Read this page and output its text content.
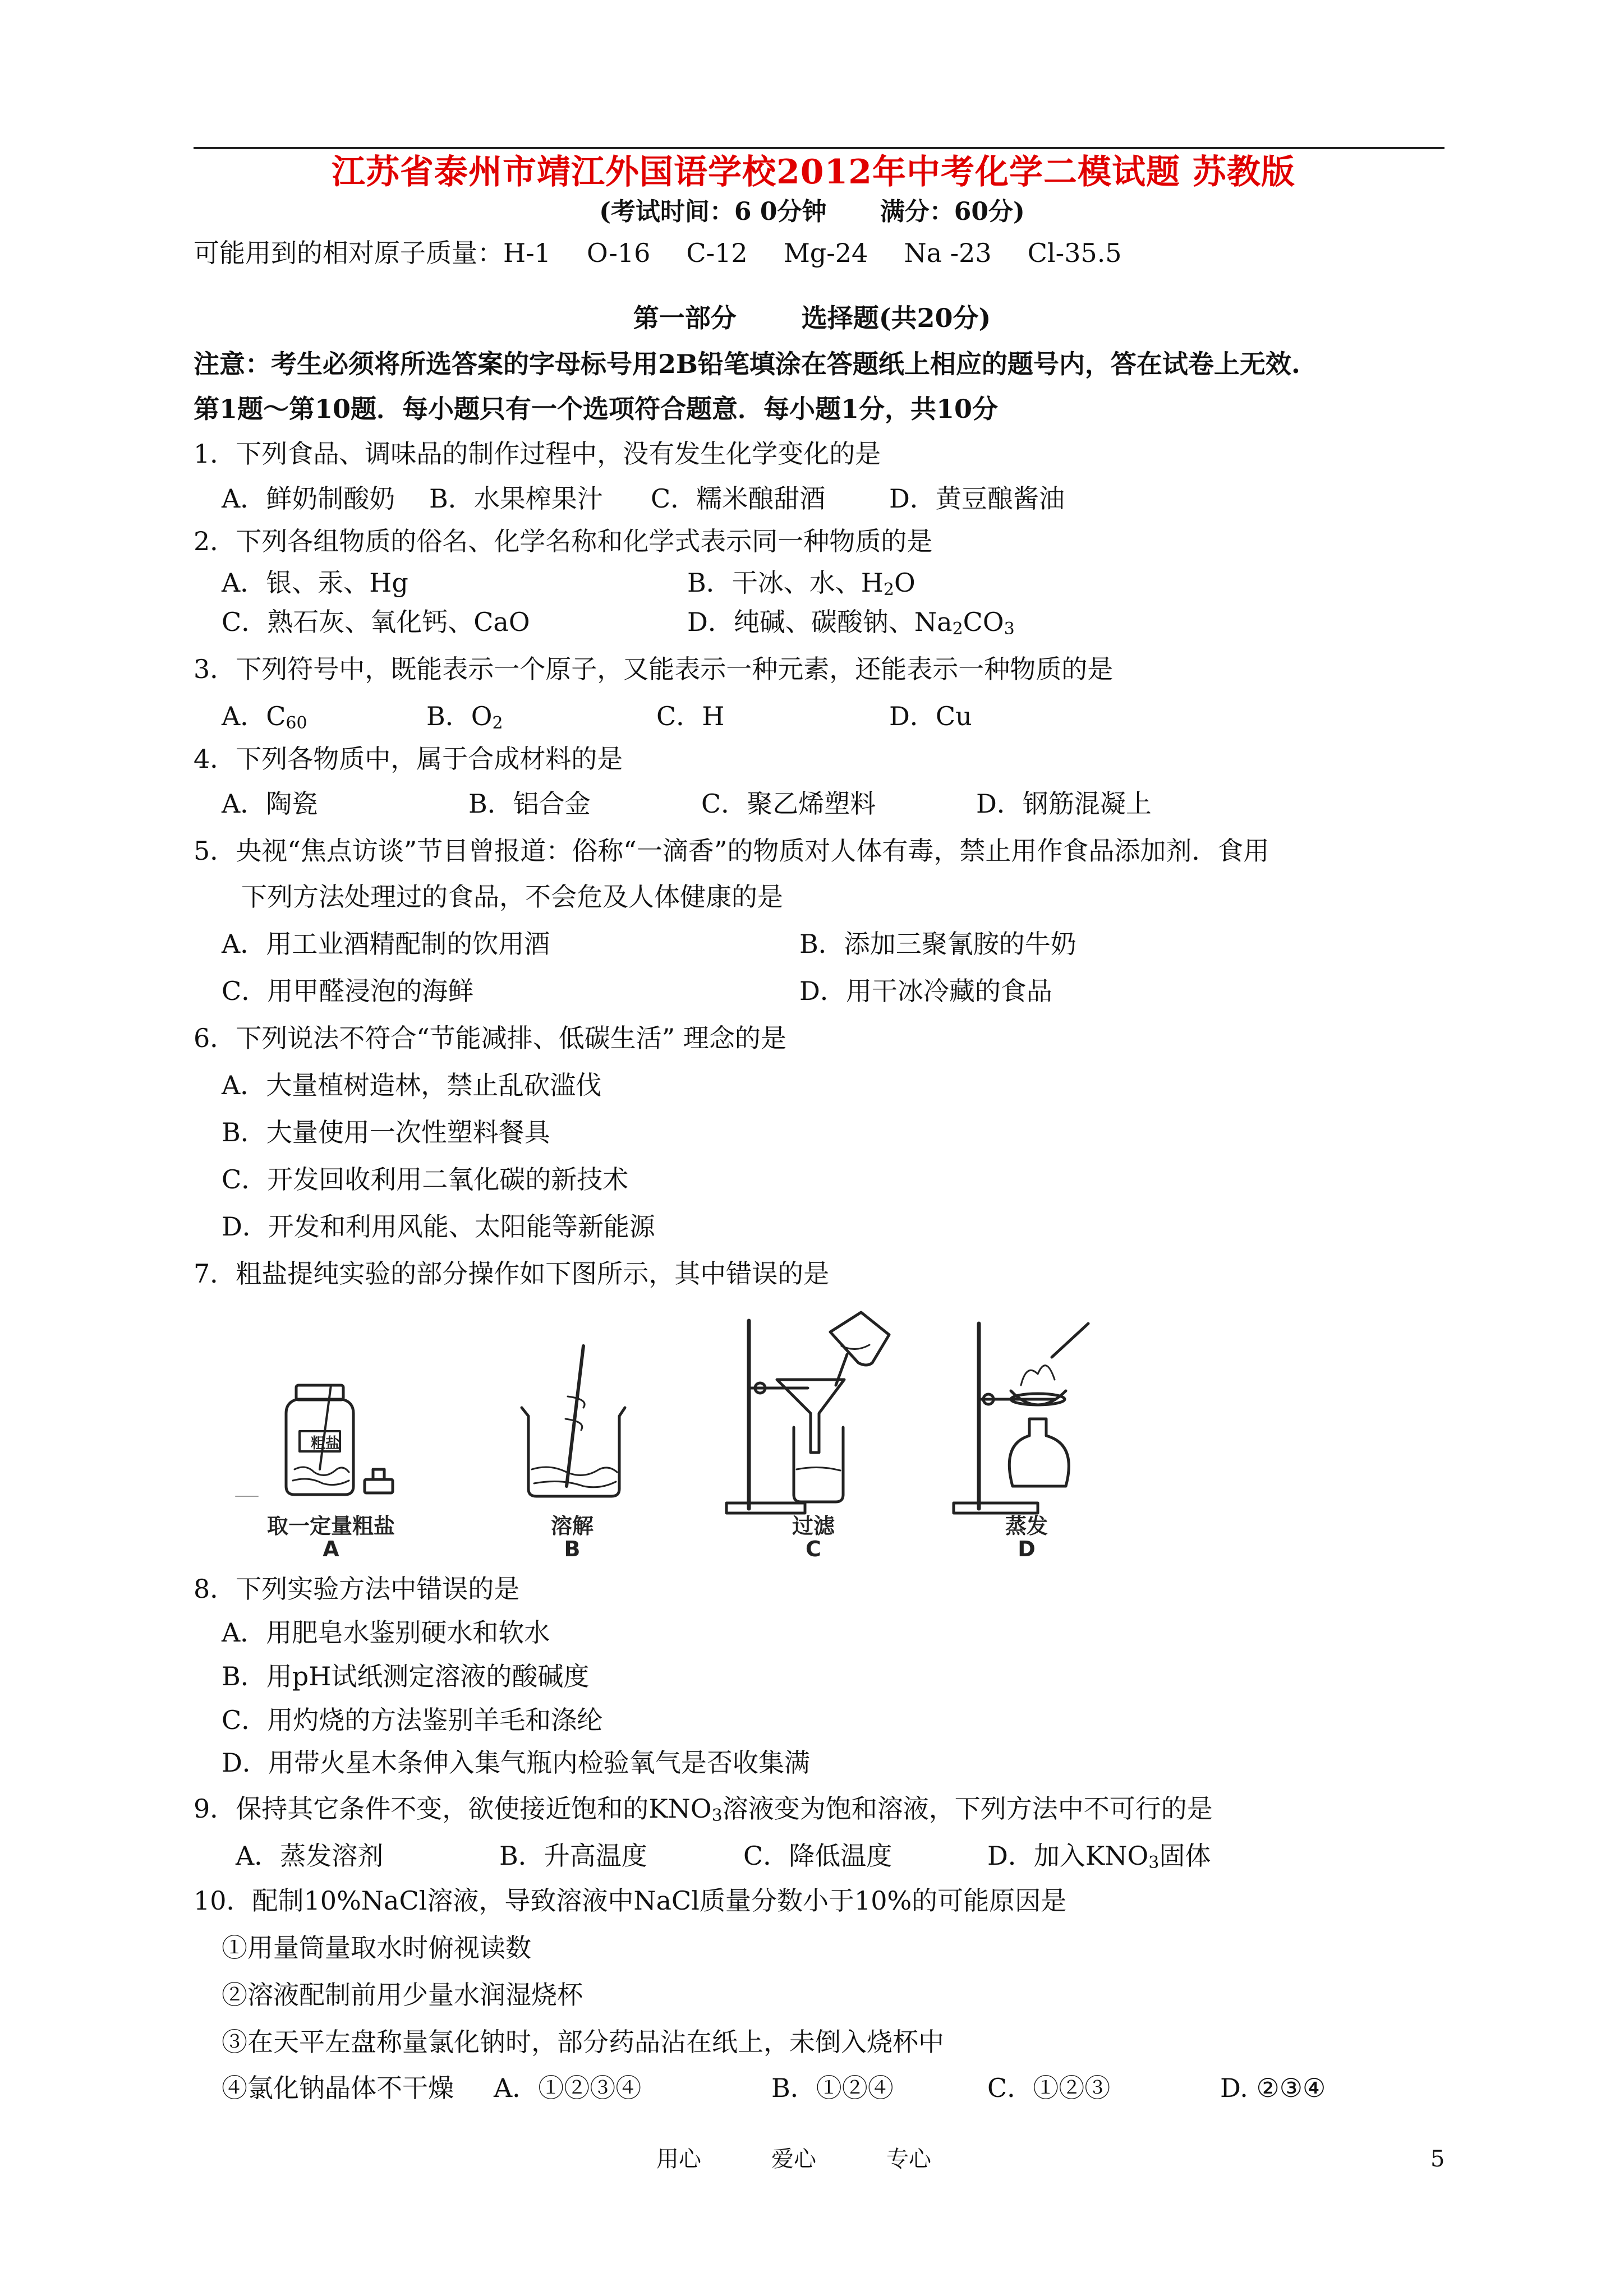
江苏省泰州市靖江外国语学校2012年中考化学二模试题 苏教版
(考试时间：6 0分钟 满分：60分)
可能用到的相对原子质量：H-1 O-16 C-12 Mg-24 Na -23 Cl-35.5
第一部分	选择题(共20分)
注意：考生必须将所选答案的字母标号用2B铅笔填涂在答题纸上相应的题号内，答在试卷上无效.
第1题～第10题．每小题只有一个选项符合题意．每小题1分，共10分
1．下列食品、调味品的制作过程中，没有发生化学变化的是
A．鲜奶制酸奶 B．水果榨果汁 C．糯米酿甜酒 D．黄豆酿酱油
2．下列各组物质的俗名、化学名称和化学式表示同一种物质的是
A．银、汞、Hg	B．干冰、水、$H_2O$
C．熟石灰、氧化钙、CaO	D．纯碱、碳酸钠、$Na_2CO_3$
3．下列符号中，既能表示一个原子，又能表示一种元素，还能表示一种物质的是
A．$C_{60}$	B．$O_2$	C．H	D．Cu
4．下列各物质中，属于合成材料的是
A．陶瓷	B．铝合金	C．聚乙烯塑料	D．钢筋混凝上
5．央视“焦点访谈”节目曾报道：俗称“一滴香”的物质对人体有毒，禁止用作食品添加剂．食用
下列方法处理过的食品，不会危及人体健康的是
A．用工业酒精配制的饮用酒	B．添加三聚氰胺的牛奶
C．用甲醛浸泡的海鲜	D．用干冰冷藏的食品
6．下列说法不符合“节能减排、低碳生活” 理念的是
A．大量植树造林，禁止乱砍滥伐
B．大量使用一次性塑料餐具
C．开发回收利用二氧化碳的新技术
D．开发和利用风能、太阳能等新能源
7．粗盐提纯实验的部分操作如下图所示，其中错误的是
粗盐
取一定量粗盐
A
溶解
B
过滤
C
蒸发
D
8．下列实验方法中错误的是
A．用肥皂水鉴别硬水和软水
B．用pH试纸测定溶液的酸碱度
C．用灼烧的方法鉴别羊毛和涤纶
D．用带火星木条伸入集气瓶内检验氧气是否收集满
9．保持其它条件不变，欲使接近饱和的$KNO_3$溶液变为饱和溶液，下列方法中不可行的是
A．蒸发溶剂	B．升高温度	C．降低温度	D．加入$KNO_3$固体
10．配制10%NaCl溶液，导致溶液中NaCl质量分数小于10%的可能原因是
①用量筒量取水时俯视读数
②溶液配制前用少量水润湿烧杯
③在天平左盘称量氯化钠时，部分药品沾在纸上，未倒入烧杯中
④氯化钠晶体不干燥 A．①②③④	B．①②④	C．①②③	D. ②③④
用心	爱心	专心	5
